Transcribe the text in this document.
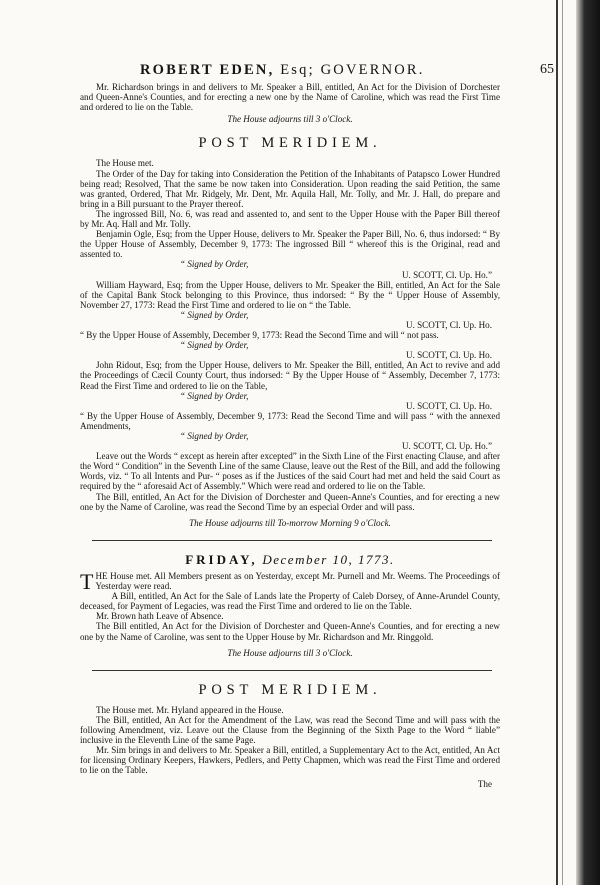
ROBERT EDEN, Esq; GOVERNOR.	65

Mr. Richardson brings in and delivers to Mr. Speaker a Bill, entitled, An Act for the Division of Dorchester and Queen-Anne's Counties, and for erecting a new one by the Name of Caroline, which was read the First Time and ordered to lie on the Table.

The House adjourns till 3 o'Clock.

POST MERIDIEM.

The House met.

The Order of the Day for taking into Consideration the Petition of the Inhabitants of Patapsco Lower Hundred being read; Resolved, That the same be now taken into Consideration. Upon reading the said Petition, the same was granted, Ordered, That Mr. Ridgely, Mr. Dent, Mr. Aquila Hall, Mr. Tolly, and Mr. J. Hall, do prepare and bring in a Bill pursuant to the Prayer thereof.

The ingrossed Bill, No. 6, was read and assented to, and sent to the Upper House with the Paper Bill thereof by Mr. Aq. Hall and Mr. Tolly.

Benjamin Ogle, Esq; from the Upper House, delivers to Mr. Speaker the Paper Bill, No. 6, thus indorsed: “ By the Upper House of Assembly, December 9, 1773: The ingrossed Bill “ whereof this is the Original, read and assented to.

“ Signed by Order,

U. SCOTT, Cl. Up. Ho.”

William Hayward, Esq; from the Upper House, delivers to Mr. Speaker the Bill, entitled, An Act for the Sale of the Capital Bank Stock belonging to this Province, thus indorsed: “ By the “ Upper House of Assembly, November 27, 1773: Read the First Time and ordered to lie on “ the Table.

“ Signed by Order,

U. SCOTT, Cl. Up. Ho.

“ By the Upper House of Assembly, December 9, 1773: Read the Second Time and will “ not pass.

“ Signed by Order,

U. SCOTT, Cl. Up. Ho.

John Ridout, Esq; from the Upper House, delivers to Mr. Speaker the Bill, entitled, An Act to revive and add the Proceedings of Cæcil County Court, thus indorsed: “ By the Upper House of “ Assembly, December 7, 1773: Read the First Time and ordered to lie on the Table,

“ Signed by Order,

U. SCOTT, Cl. Up. Ho.

“ By the Upper House of Assembly, December 9, 1773: Read the Second Time and will pass “ with the annexed Amendments,

“ Signed by Order,

U. SCOTT, Cl. Up. Ho.”

Leave out the Words “ except as herein after excepted” in the Sixth Line of the First enacting Clause, and after the Word “ Condition” in the Seventh Line of the same Clause, leave out the Rest of the Bill, and add the following Words, viz. “ To all Intents and Pur- “ poses as if the Justices of the said Court had met and held the said Court as required by the “ aforesaid Act of Assembly.” Which were read and ordered to lie on the Table.

The Bill, entitled, An Act for the Division of Dorchester and Queen-Anne's Counties, and for erecting a new one by the Name of Caroline, was read the Second Time by an especial Order and will pass.

The House adjourns till To-morrow Morning 9 o'Clock.

FRIDAY, December 10, 1773.

T HE House met. All Members present as on Yesterday, except Mr. Purnell and Mr. Weems. The Proceedings of Yesterday were read.

A Bill, entitled, An Act for the Sale of Lands late the Property of Caleb Dorsey, of Anne-Arundel County, deceased, for Payment of Legacies, was read the First Time and ordered to lie on the Table.

Mr. Brown hath Leave of Absence.

The Bill entitled, An Act for the Division of Dorchester and Queen-Anne's Counties, and for erecting a new one by the Name of Caroline, was sent to the Upper House by Mr. Richardson and Mr. Ringgold.

The House adjourns till 3 o'Clock.

POST MERIDIEM.

The House met. Mr. Hyland appeared in the House.

The Bill, entitled, An Act for the Amendment of the Law, was read the Second Time and will pass with the following Amendment, viz. Leave out the Clause from the Beginning of the Sixth Page to the Word “ liable” inclusive in the Eleventh Line of the same Page.

Mr. Sim brings in and delivers to Mr. Speaker a Bill, entitled, a Supplementary Act to the Act, entitled, An Act for licensing Ordinary Keepers, Hawkers, Pedlers, and Petty Chapmen, which was read the First Time and ordered to lie on the Table.

The
